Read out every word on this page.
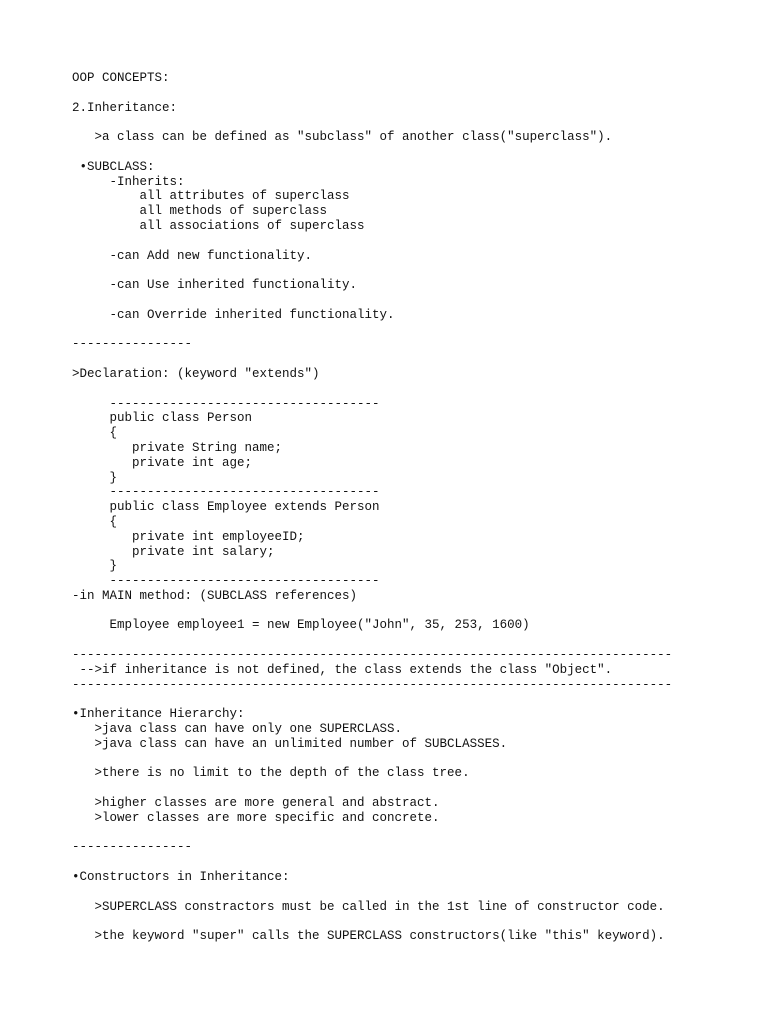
OOP CONCEPTS:
2.Inheritance:
>a class can be defined as "subclass" of another class("superclass").
•SUBCLASS:
-Inherits:
all attributes of superclass
all methods of superclass
all associations of superclass
-can Add new functionality.
-can Use inherited functionality.
-can Override inherited functionality.
----------------
>Declaration: (keyword "extends")
------------------------------------
public class Person
{
private String name;
private int age;
}
------------------------------------
public class Employee extends Person
{
private int employeeID;
private int salary;
}
------------------------------------
-in MAIN method: (SUBCLASS references)
Employee employee1 = new Employee("John", 35, 253, 1600)
--------------------------------------------------------------------------------
-->if inheritance is not defined, the class extends the class "Object".
--------------------------------------------------------------------------------
•Inheritance Hierarchy:
>java class can have only one SUPERCLASS.
>java class can have an unlimited number of SUBCLASSES.
>there is no limit to the depth of the class tree.
>higher classes are more general and abstract.
>lower classes are more specific and concrete.
----------------
•Constructors in Inheritance:
>SUPERCLASS constractors must be called in the 1st line of constructor code.
>the keyword "super" calls the SUPERCLASS constructors(like "this" keyword).
